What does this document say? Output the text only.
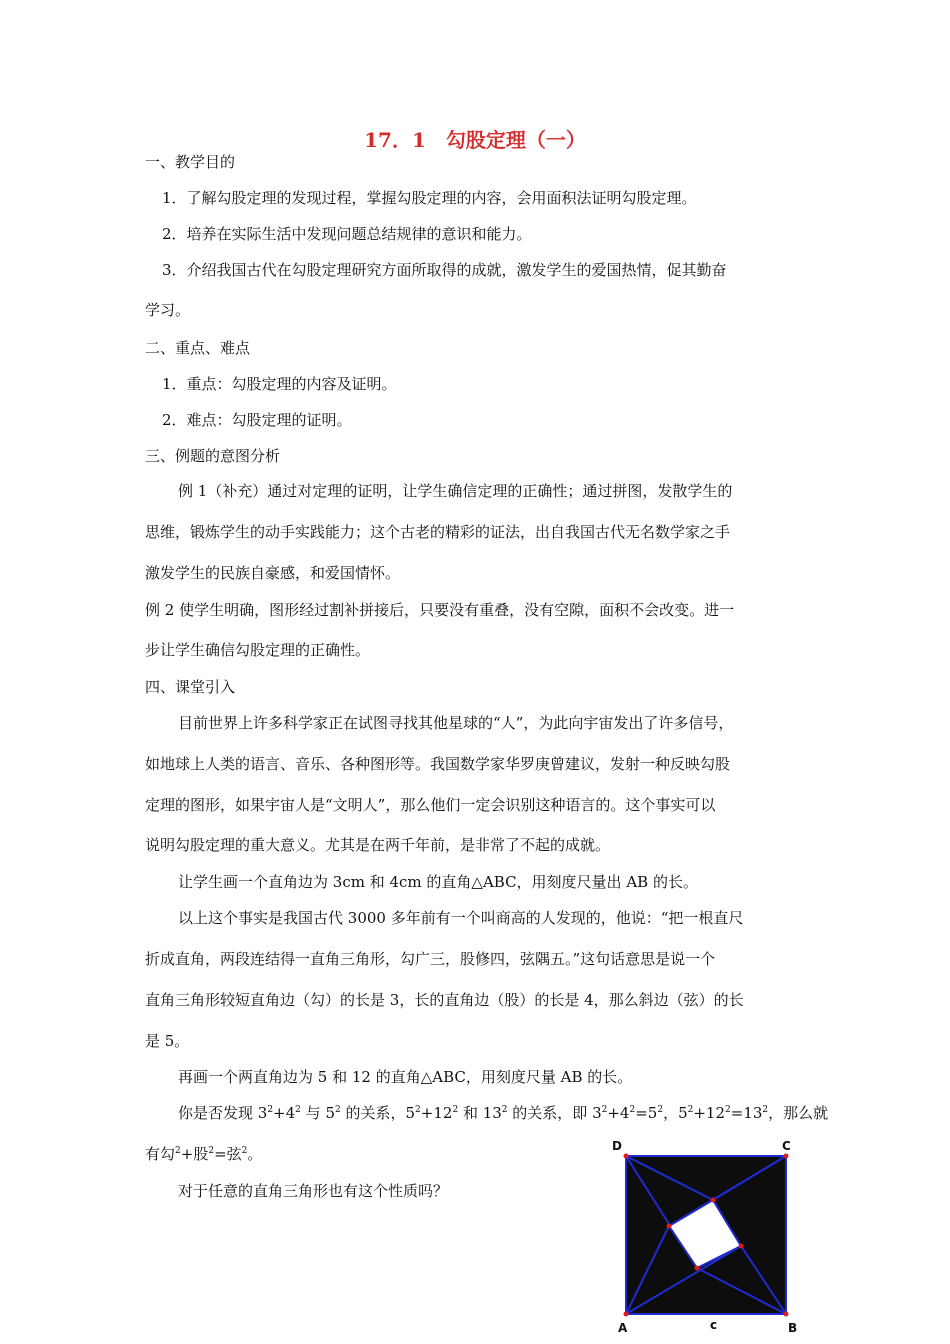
17．1　勾股定理（一）

一、教学目的

1．了解勾股定理的发现过程，掌握勾股定理的内容，会用面积法证明勾股定理。

2．培养在实际生活中发现问题总结规律的意识和能力。

3．介绍我国古代在勾股定理研究方面所取得的成就，激发学生的爱国热情，促其勤奋

学习。

二、重点、难点

1．重点：勾股定理的内容及证明。

2．难点：勾股定理的证明。

三、例题的意图分析

例 1（补充）通过对定理的证明，让学生确信定理的正确性；通过拼图，发散学生的

思维，锻炼学生的动手实践能力；这个古老的精彩的证法，出自我国古代无名数学家之手

激发学生的民族自豪感，和爱国情怀。

例 2 使学生明确，图形经过割补拼接后，只要没有重叠，没有空隙，面积不会改变。进一

步让学生确信勾股定理的正确性。

四、课堂引入

目前世界上许多科学家正在试图寻找其他星球的“人”，为此向宇宙发出了许多信号，

如地球上人类的语言、音乐、各种图形等。我国数学家华罗庚曾建议，发射一种反映勾股

定理的图形，如果宇宙人是“文明人”，那么他们一定会识别这种语言的。这个事实可以

说明勾股定理的重大意义。尤其是在两千年前，是非常了不起的成就。

让学生画一个直角边为 3cm 和 4cm 的直角△ABC，用刻度尺量出 AB 的长。

以上这个事实是我国古代 3000 多年前有一个叫商高的人发现的，他说：“把一根直尺

折成直角，两段连结得一直角三角形，勾广三，股修四，弦隅五。”这句话意思是说一个

直角三角形较短直角边（勾）的长是 3，长的直角边（股）的长是 4，那么斜边（弦）的长

是 5。

再画一个两直角边为 5 和 12 的直角△ABC，用刻度尺量 AB 的长。

你是否发现 $3^2+4^2$ 与 $5^2$ 的关系，$5^2+12^2$ 和 $13^2$ 的关系，即 $3^2+4^2=5^2$，$5^2+12^2=13^2$，那么就

有勾$^2$+股$^2$=弦$^2$。

对于任意的直角三角形也有这个性质吗？

D	C
A	c	B
